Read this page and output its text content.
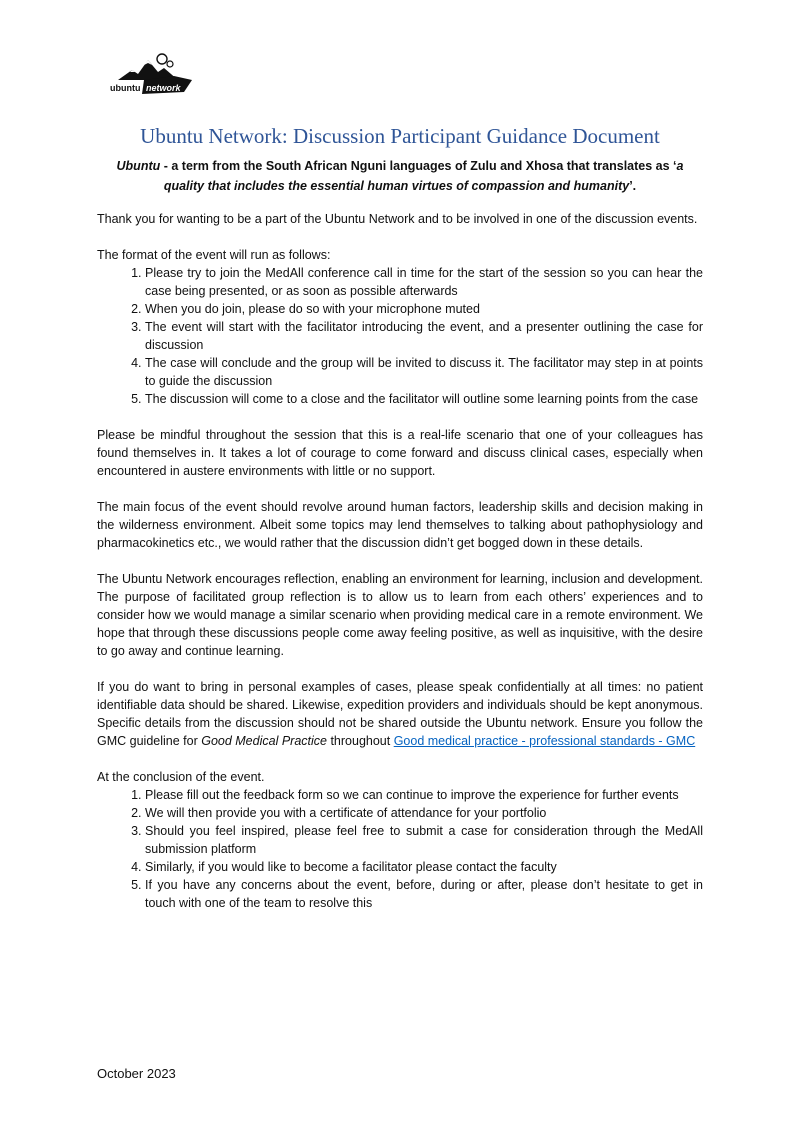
ubuntu network
Ubuntu Network: Discussion Participant Guidance Document
Ubuntu - a term from the South African Nguni languages of Zulu and Xhosa that translates as ‘a quality that includes the essential human virtues of compassion and humanity’.

Thank you for wanting to be a part of the Ubuntu Network and to be involved in one of the discussion events.

The format of the event will run as follows:

1. Please try to join the MedAll conference call in time for the start of the session so you can hear the case being presented, or as soon as possible afterwards
2. When you do join, please do so with your microphone muted
3. The event will start with the facilitator introducing the event, and a presenter outlining the case for discussion
4. The case will conclude and the group will be invited to discuss it. The facilitator may step in at points to guide the discussion
5. The discussion will come to a close and the facilitator will outline some learning points from the case

Please be mindful throughout the session that this is a real-life scenario that one of your colleagues has found themselves in. It takes a lot of courage to come forward and discuss clinical cases, especially when encountered in austere environments with little or no support.

The main focus of the event should revolve around human factors, leadership skills and decision making in the wilderness environment. Albeit some topics may lend themselves to talking about pathophysiology and pharmacokinetics etc., we would rather that the discussion didn’t get bogged down in these details.

The Ubuntu Network encourages reflection, enabling an environment for learning, inclusion and development. The purpose of facilitated group reflection is to allow us to learn from each others’ experiences and to consider how we would manage a similar scenario when providing medical care in a remote environment. We hope that through these discussions people come away feeling positive, as well as inquisitive, with the desire to go away and continue learning.

If you do want to bring in personal examples of cases, please speak confidentially at all times: no patient identifiable data should be shared. Likewise, expedition providers and individuals should be kept anonymous. Specific details from the discussion should not be shared outside the Ubuntu network. Ensure you follow the GMC guideline for Good Medical Practice throughout Good medical practice - professional standards - GMC

At the conclusion of the event.

1. Please fill out the feedback form so we can continue to improve the experience for further events
2. We will then provide you with a certificate of attendance for your portfolio
3. Should you feel inspired, please feel free to submit a case for consideration through the MedAll submission platform
4. Similarly, if you would like to become a facilitator please contact the faculty
5. If you have any concerns about the event, before, during or after, please don’t hesitate to get in touch with one of the team to resolve this
October 2023
